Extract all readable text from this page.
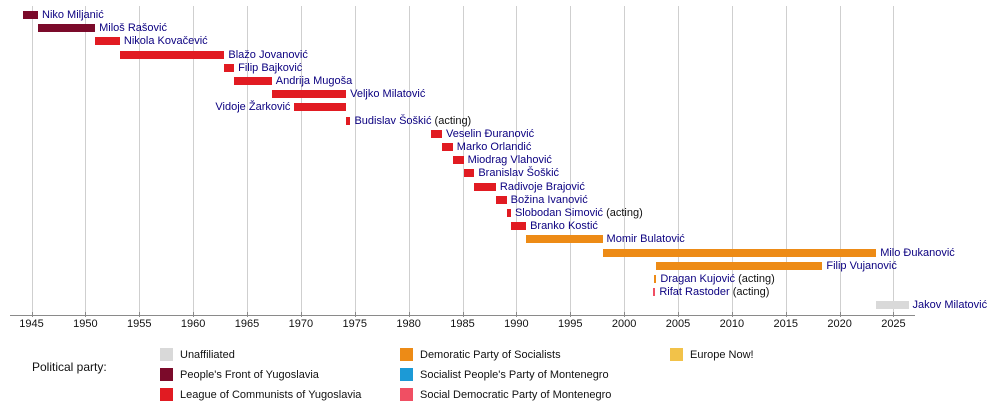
Niko Miljanić
Miloš Rašović
Nikola Kovačević
Blažo Jovanović
Filip Bajković
Andrija Mugoša
Veljko Milatović
Vidoje Žarković
Budislav Šoškić (acting)
Veselin Đuranović
Marko Orlandić
Miodrag Vlahović
Branislav Šoškić
Radivoje Brajović
Božina Ivanović
Slobodan Simović (acting)
Branko Kostić
Momir Bulatović
Milo Đukanović
Filip Vujanović
Dragan Kujović (acting)
Rifat Rastoder (acting)
Jakov Milatović
1945	1950	1955	1960	1965	1970	1975	1980	1985	1990	1995	2000	2005	2010	2015	2020	2025
Political party:
Unaffiliated
People's Front of Yugoslavia
League of Communists of Yugoslavia
Demoratic Party of Socialists
Socialist People's Party of Montenegro
Social Democratic Party of Montenegro
Europe Now!
